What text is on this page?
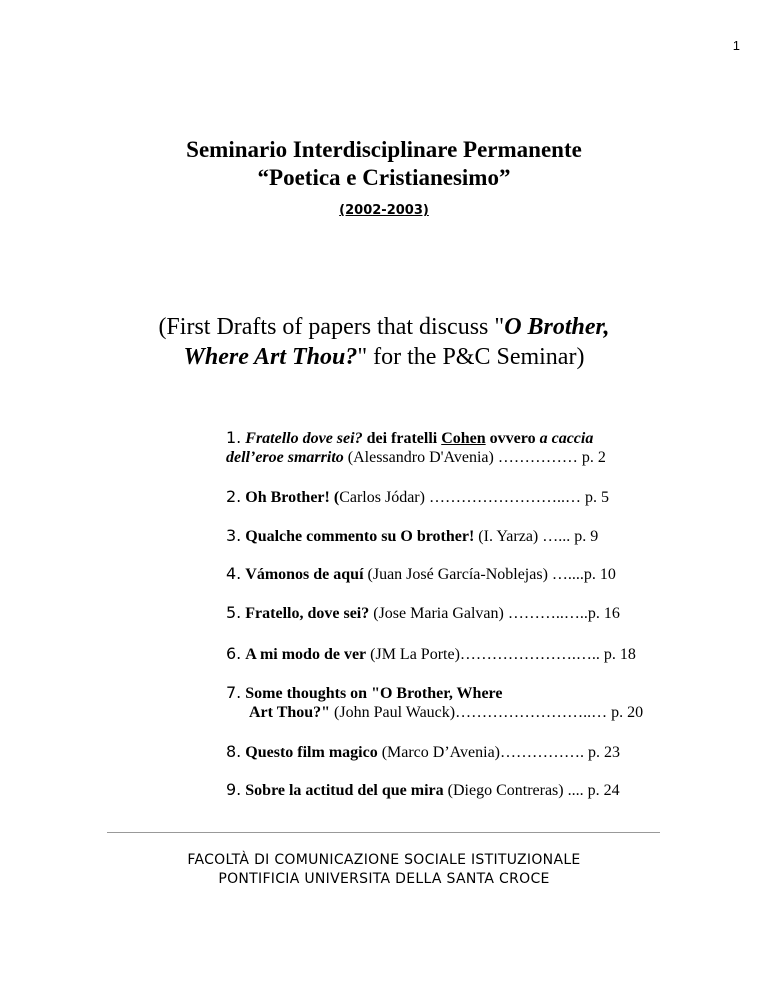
1
Seminario Interdisciplinare Permanente
“Poetica e Cristianesimo”
(2002-2003)
(First Drafts of papers that discuss "O Brother,
Where Art Thou?" for the P&C Seminar)
1. Fratello dove sei? dei fratelli Cohen ovvero a caccia
dell’eroe smarrito (Alessandro D'Avenia) …………… p. 2
2. Oh Brother! (Carlos Jódar) ……………………..… p. 5
3. Qualche commento su O brother! (I. Yarza) …... p. 9
4. Vámonos de aquí (Juan José García-Noblejas) …....p. 10
5. Fratello, dove sei? (Jose Maria Galvan) ………..…..p. 16
6. A mi modo de ver (JM La Porte)………………….….. p. 18
7. Some thoughts on "O Brother, Where
Art Thou?" (John Paul Wauck)……………………..… p. 20
8. Questo film magico (Marco D’Avenia)……………. p. 23
9. Sobre la actitud del que mira (Diego Contreras) .... p. 24
FACOLTÀ DI COMUNICAZIONE SOCIALE ISTITUZIONALE
PONTIFICIA UNIVERSITA DELLA SANTA CROCE
